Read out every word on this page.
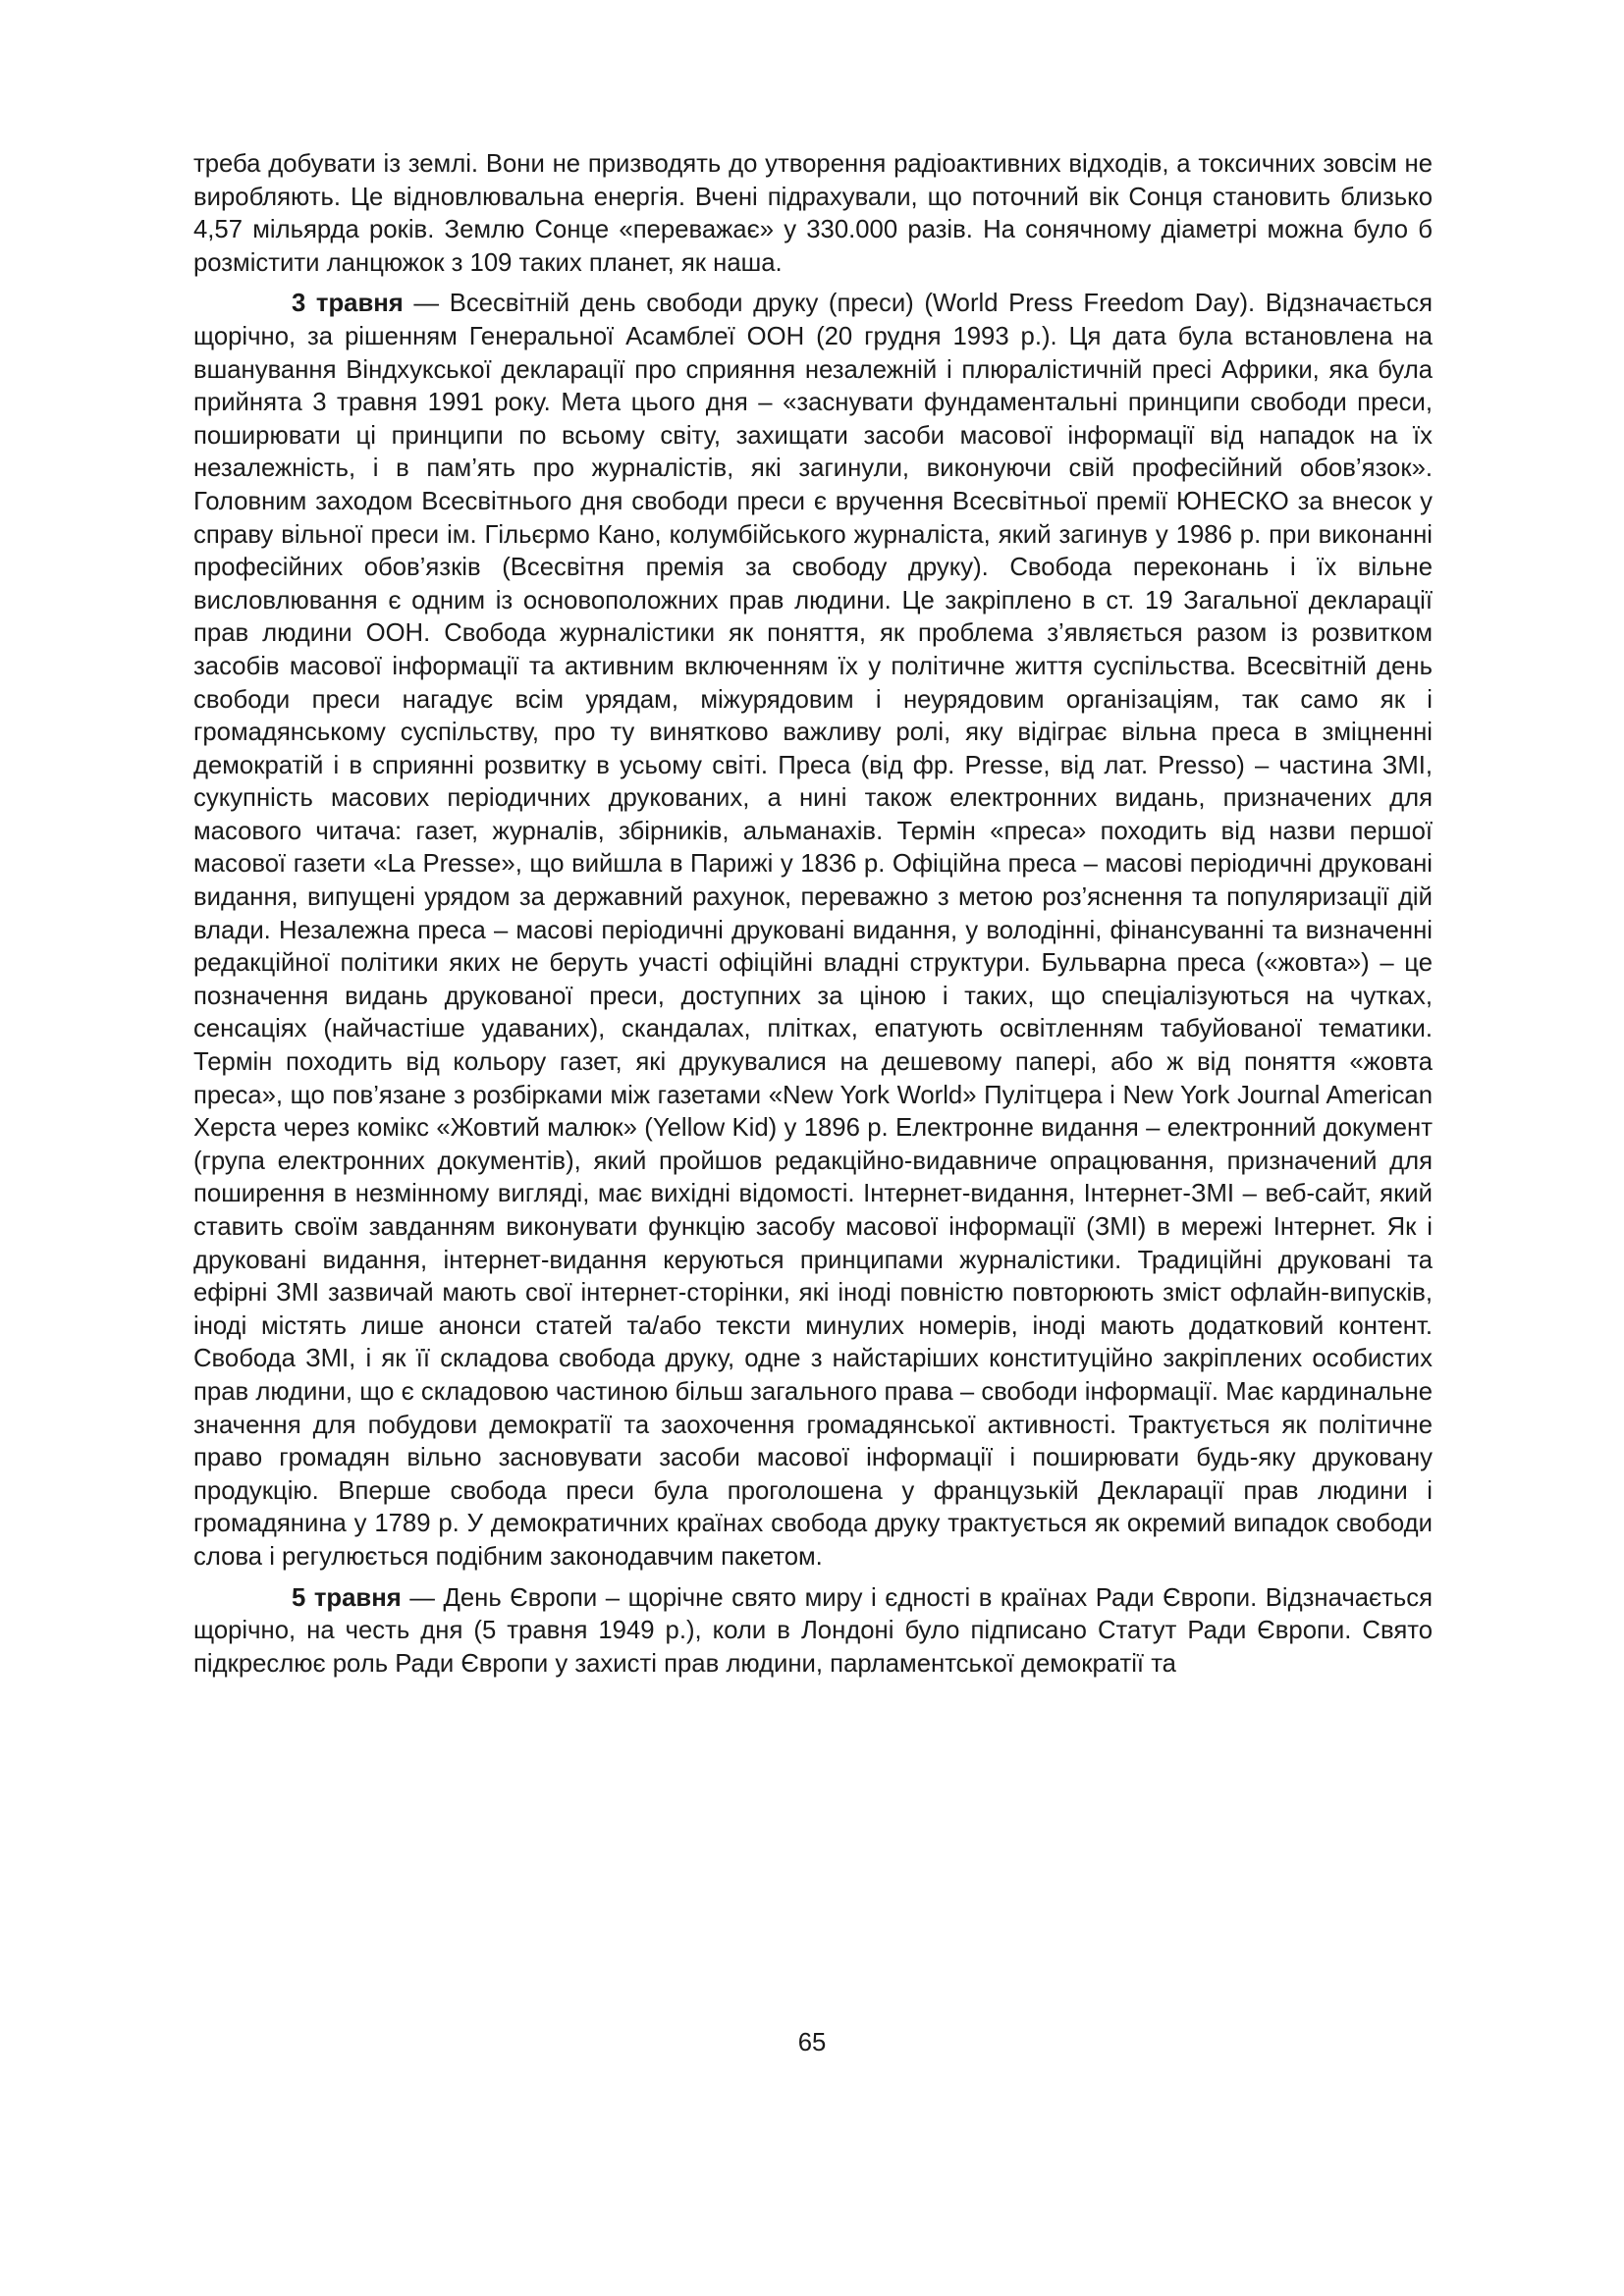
треба добувати із землі. Вони не призводять до утворення радіоактивних відходів, а токсичних зовсім не виробляють. Це відновлювальна енергія. Вчені підрахували, що поточний вік Сонця становить близько 4,57 мільярда років. Землю Сонце «переважає» у 330.000 разів. На сонячному діаметрі можна було б розмістити ланцюжок з 109 таких планет, як наша.

3 травня — Всесвітній день свободи друку (преси) (World Press Freedom Day). Відзначається щорічно, за рішенням Генеральної Асамблеї ООН (20 грудня 1993 р.). Ця дата була встановлена на вшанування Віндхукської декларації про сприяння незалежній і плюралістичній пресі Африки, яка була прийнята 3 травня 1991 року. Мета цього дня – «заснувати фундаментальні принципи свободи преси, поширювати ці принципи по всьому світу, захищати засоби масової інформації від нападок на їх незалежність, і в пам’ять про журналістів, які загинули, виконуючи свій професійний обов’язок». Головним заходом Всесвітнього дня свободи преси є вручення Всесвітньої премії ЮНЕСКО за внесок у справу вільної преси ім. Гільєрмо Кано, колумбійського журналіста, який загинув у 1986 р. при виконанні професійних обов’язків (Всесвітня премія за свободу друку). Свобода переконань і їх вільне висловлювання є одним із основоположних прав людини. Це закріплено в ст. 19 Загальної декларації прав людини ООН. Свобода журналістики як поняття, як проблема з’являється разом із розвитком засобів масової інформації та активним включенням їх у політичне життя суспільства. Всесвітній день свободи преси нагадує всім урядам, міжурядовим і неурядовим організаціям, так само як і громадянському суспільству, про ту винятково важливу ролі, яку відіграє вільна преса в зміцненні демократій і в сприянні розвитку в усьому світі. Преса (від фр. Presse, від лат. Presso) – частина ЗМІ, сукупність масових періодичних друкованих, а нині також електронних видань, призначених для масового читача: газет, журналів, збірників, альманахів. Термін «преса» походить від назви першої масової газети «La Presse», що вийшла в Парижі у 1836 р. Офіційна преса – масові періодичні друковані видання, випущені урядом за державний рахунок, переважно з метою роз’яснення та популяризації дій влади. Незалежна преса – масові періодичні друковані видання, у володінні, фінансуванні та визначенні редакційної політики яких не беруть участі офіційні владні структури. Бульварна преса («жовта») – це позначення видань друкованої преси, доступних за ціною і таких, що спеціалізуються на чутках, сенсаціях (найчастіше удаваних), скандалах, плітках, епатують освітленням табуйованої тематики. Термін походить від кольору газет, які друкувалися на дешевому папері, або ж від поняття «жовта преса», що пов’язане з розбірками між газетами «New York World» Пулітцера і New York Journal American Херста через комікс «Жовтий малюк» (Yellow Kid) у 1896 р. Електронне видання – електронний документ (група електронних документів), який пройшов редакційно-видавниче опрацювання, призначений для поширення в незмінному вигляді, має вихідні відомості. Інтернет-видання, Інтернет-ЗМІ – веб-сайт, який ставить своїм завданням виконувати функцію засобу масової інформації (ЗМІ) в мережі Інтернет. Як і друковані видання, інтернет-видання керуються принципами журналістики. Традиційні друковані та ефірні ЗМІ зазвичай мають свої інтернет-сторінки, які іноді повністю повторюють зміст офлайн-випусків, іноді містять лише анонси статей та/або тексти минулих номерів, іноді мають додатковий контент. Свобода ЗМІ, і як її складова свобода друку, одне з найстаріших конституційно закріплених особистих прав людини, що є складовою частиною більш загального права – свободи інформації. Має кардинальне значення для побудови демократії та заохочення громадянської активності. Трактується як політичне право громадян вільно засновувати засоби масової інформації і поширювати будь-яку друковану продукцію. Вперше свобода преси була проголошена у французькій Декларації прав людини і громадянина у 1789 р. У демократичних країнах свобода друку трактується як окремий випадок свободи слова і регулюється подібним законодавчим пакетом.

5 травня — День Європи – щорічне свято миру і єдності в країнах Ради Європи. Відзначається щорічно, на честь дня (5 травня 1949 р.), коли в Лондоні було підписано Статут Ради Європи. Свято підкреслює роль Ради Європи у захисті прав людини, парламентської демократії та

65
